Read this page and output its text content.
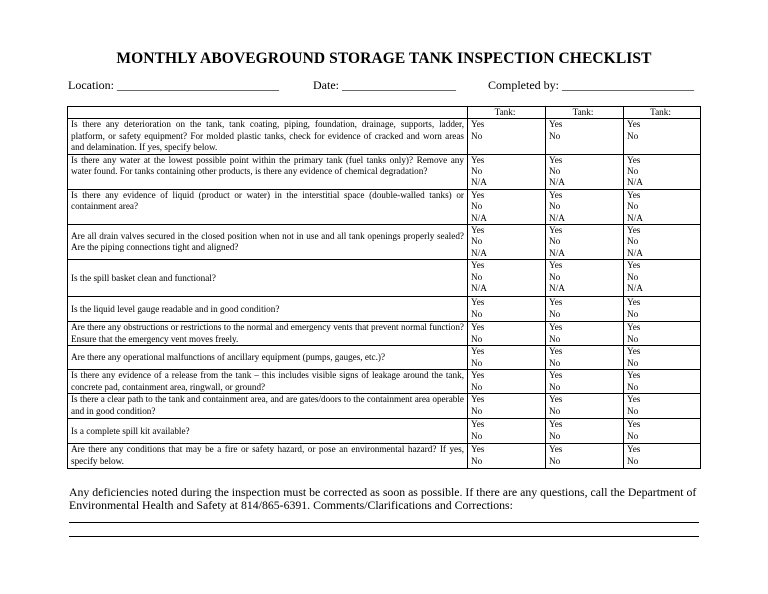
MONTHLY ABOVEGROUND STORAGE TANK INSPECTION CHECKLIST
Location: ___________________________	Date: ___________________	Completed by: ______________________
	Tank:	Tank:	Tank:
Is there any deterioration on the tank, tank coating, piping, foundation, drainage, supports, ladder, platform, or safety equipment? For molded plastic tanks, check for evidence of cracked and worn areas and delamination. If yes, specify below.	Yes
No	Yes
No	Yes
No

Is there any water at the lowest possible point within the primary tank (fuel tanks only)? Remove any water found. For tanks containing other products, is there any evidence of chemical degradation?	Yes
No
N/A	Yes
No
N/A	Yes
No
N/A

Is there any evidence of liquid (product or water) in the interstitial space (double-walled tanks) or containment area?	Yes
No
N/A	Yes
No
N/A	Yes
No
N/A

Are all drain valves secured in the closed position when not in use and all tank openings properly sealed? Are the piping connections tight and aligned?	Yes
No
N/A	Yes
No
N/A	Yes
No
N/A

Is the spill basket clean and functional?	Yes
No
N/A	Yes
No
N/A	Yes
No
N/A

Is the liquid level gauge readable and in good condition?	Yes
No	Yes
No	Yes
No

Are there any obstructions or restrictions to the normal and emergency vents that prevent normal function? Ensure that the emergency vent moves freely.	Yes
No	Yes
No	Yes
No

Are there any operational malfunctions of ancillary equipment (pumps, gauges, etc.)?	Yes
No	Yes
No	Yes
No

Is there any evidence of a release from the tank – this includes visible signs of leakage around the tank, concrete pad, containment area, ringwall, or ground?	Yes
No	Yes
No	Yes
No

Is there a clear path to the tank and containment area, and are gates/doors to the containment area operable and in good condition?	Yes
No	Yes
No	Yes
No

Is a complete spill kit available?	Yes
No	Yes
No	Yes
No

Are there any conditions that may be a fire or safety hazard, or pose an environmental hazard? If yes, specify below.	Yes
No	Yes
No	Yes
No
Any deficiencies noted during the inspection must be corrected as soon as possible. If there are any questions, call the Department of Environmental Health and Safety at 814/865-6391. Comments/Clarifications and Corrections:
